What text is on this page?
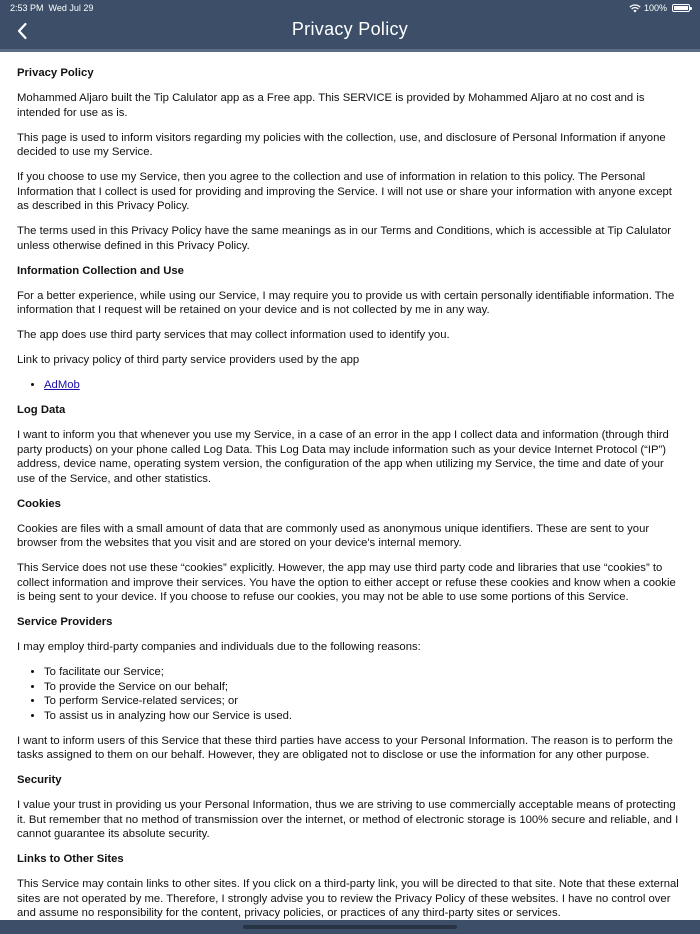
2:53 PM Wed Jul 29	100%
Privacy Policy
Privacy Policy

Mohammed Aljaro built the Tip Calulator app as a Free app. This SERVICE is provided by Mohammed Aljaro at no cost and is intended for use as is.

This page is used to inform visitors regarding my policies with the collection, use, and disclosure of Personal Information if anyone decided to use my Service.

If you choose to use my Service, then you agree to the collection and use of information in relation to this policy. The Personal Information that I collect is used for providing and improving the Service. I will not use or share your information with anyone except as described in this Privacy Policy.

The terms used in this Privacy Policy have the same meanings as in our Terms and Conditions, which is accessible at Tip Calulator unless otherwise defined in this Privacy Policy.

Information Collection and Use

For a better experience, while using our Service, I may require you to provide us with certain personally identifiable information. The information that I request will be retained on your device and is not collected by me in any way.

The app does use third party services that may collect information used to identify you.

Link to privacy policy of third party service providers used by the app

• AdMob
Log Data

I want to inform you that whenever you use my Service, in a case of an error in the app I collect data and information (through third party products) on your phone called Log Data. This Log Data may include information such as your device Internet Protocol (“IP”) address, device name, operating system version, the configuration of the app when utilizing my Service, the time and date of your use of the Service, and other statistics.

Cookies

Cookies are files with a small amount of data that are commonly used as anonymous unique identifiers. These are sent to your browser from the websites that you visit and are stored on your device's internal memory.

This Service does not use these “cookies” explicitly. However, the app may use third party code and libraries that use “cookies” to collect information and improve their services. You have the option to either accept or refuse these cookies and know when a cookie is being sent to your device. If you choose to refuse our cookies, you may not be able to use some portions of this Service.

Service Providers

I may employ third-party companies and individuals due to the following reasons:

• To facilitate our Service;
• To provide the Service on our behalf;
• To perform Service-related services; or
• To assist us in analyzing how our Service is used.

I want to inform users of this Service that these third parties have access to your Personal Information. The reason is to perform the tasks assigned to them on our behalf. However, they are obligated not to disclose or use the information for any other purpose.

Security

I value your trust in providing us your Personal Information, thus we are striving to use commercially acceptable means of protecting it. But remember that no method of transmission over the internet, or method of electronic storage is 100% secure and reliable, and I cannot guarantee its absolute security.

Links to Other Sites

This Service may contain links to other sites. If you click on a third-party link, you will be directed to that site. Note that these external sites are not operated by me. Therefore, I strongly advise you to review the Privacy Policy of these websites. I have no control over and assume no responsibility for the content, privacy policies, or practices of any third-party sites or services.
